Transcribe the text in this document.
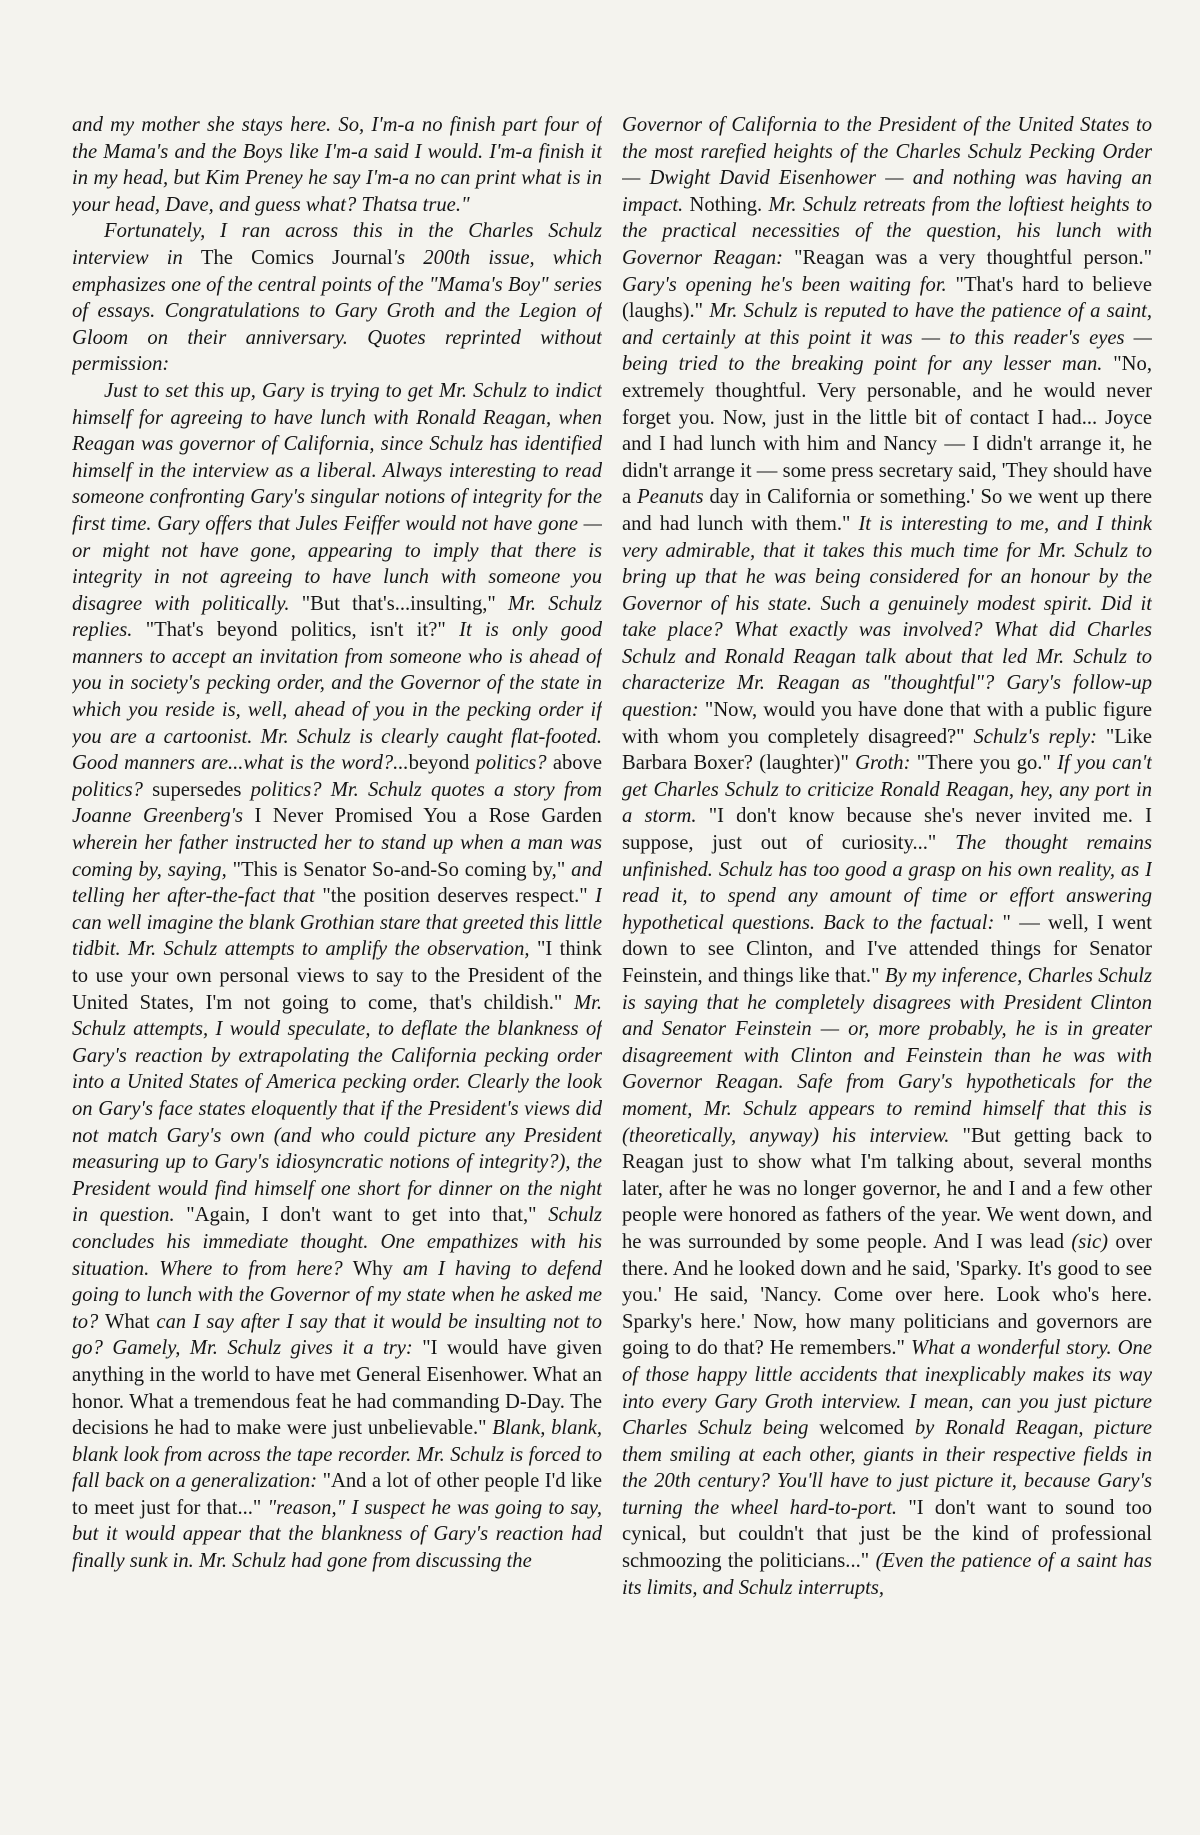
and my mother she stays here. So, I'm-a no finish part four of the Mama's and the Boys like I'm-a said I would. I'm-a finish it in my head, but Kim Preney he say I'm-a no can print what is in your head, Dave, and guess what? Thatsa true."

Fortunately, I ran across this in the Charles Schulz interview in The Comics Journal's 200th issue, which emphasizes one of the central points of the "Mama's Boy" series of essays. Congratulations to Gary Groth and the Legion of Gloom on their anniversary. Quotes reprinted without permission:

Just to set this up, Gary is trying to get Mr. Schulz to indict himself for agreeing to have lunch with Ronald Reagan, when Reagan was governor of California, since Schulz has identified himself in the interview as a liberal. Always interesting to read someone confronting Gary's singular notions of integrity for the first time. Gary offers that Jules Feiffer would not have gone — or might not have gone, appearing to imply that there is integrity in not agreeing to have lunch with someone you disagree with politically. "But that's...insulting," Mr. Schulz replies. "That's beyond politics, isn't it?" It is only good manners to accept an invitation from someone who is ahead of you in society's pecking order, and the Governor of the state in which you reside is, well, ahead of you in the pecking order if you are a cartoonist. Mr. Schulz is clearly caught flat-footed. Good manners are...what is the word?...beyond politics? above politics? supersedes politics? Mr. Schulz quotes a story from Joanne Greenberg's I Never Promised You a Rose Garden wherein her father instructed her to stand up when a man was coming by, saying, "This is Senator So-and-So coming by," and telling her after-the-fact that "the position deserves respect." I can well imagine the blank Grothian stare that greeted this little tidbit. Mr. Schulz attempts to amplify the observation, "I think to use your own personal views to say to the President of the United States, I'm not going to come, that's childish." Mr. Schulz attempts, I would speculate, to deflate the blankness of Gary's reaction by extrapolating the California pecking order into a United States of America pecking order. Clearly the look on Gary's face states eloquently that if the President's views did not match Gary's own (and who could picture any President measuring up to Gary's idiosyncratic notions of integrity?), the President would find himself one short for dinner on the night in question. "Again, I don't want to get into that," Schulz concludes his immediate thought. One empathizes with his situation. Where to from here? Why am I having to defend going to lunch with the Governor of my state when he asked me to? What can I say after I say that it would be insulting not to go? Gamely, Mr. Schulz gives it a try: "I would have given anything in the world to have met General Eisenhower. What an honor. What a tremendous feat he had commanding D-Day. The decisions he had to make were just unbelievable." Blank, blank, blank look from across the tape recorder. Mr. Schulz is forced to fall back on a generalization: "And a lot of other people I'd like to meet just for that..." "reason," I suspect he was going to say, but it would appear that the blankness of Gary's reaction had finally sunk in. Mr. Schulz had gone from discussing the

Governor of California to the President of the United States to the most rarefied heights of the Charles Schulz Pecking Order — Dwight David Eisenhower — and nothing was having an impact. Nothing. Mr. Schulz retreats from the loftiest heights to the practical necessities of the question, his lunch with Governor Reagan: "Reagan was a very thoughtful person." Gary's opening he's been waiting for. "That's hard to believe (laughs)." Mr. Schulz is reputed to have the patience of a saint, and certainly at this point it was — to this reader's eyes — being tried to the breaking point for any lesser man. "No, extremely thoughtful. Very personable, and he would never forget you. Now, just in the little bit of contact I had... Joyce and I had lunch with him and Nancy — I didn't arrange it, he didn't arrange it — some press secretary said, 'They should have a Peanuts day in California or something.' So we went up there and had lunch with them." It is interesting to me, and I think very admirable, that it takes this much time for Mr. Schulz to bring up that he was being considered for an honour by the Governor of his state. Such a genuinely modest spirit. Did it take place? What exactly was involved? What did Charles Schulz and Ronald Reagan talk about that led Mr. Schulz to characterize Mr. Reagan as "thoughtful"? Gary's follow-up question: "Now, would you have done that with a public figure with whom you completely disagreed?" Schulz's reply: "Like Barbara Boxer? (laughter)" Groth: "There you go." If you can't get Charles Schulz to criticize Ronald Reagan, hey, any port in a storm. "I don't know because she's never invited me. I suppose, just out of curiosity..." The thought remains unfinished. Schulz has too good a grasp on his own reality, as I read it, to spend any amount of time or effort answering hypothetical questions. Back to the factual: " — well, I went down to see Clinton, and I've attended things for Senator Feinstein, and things like that." By my inference, Charles Schulz is saying that he completely disagrees with President Clinton and Senator Feinstein — or, more probably, he is in greater disagreement with Clinton and Feinstein than he was with Governor Reagan. Safe from Gary's hypotheticals for the moment, Mr. Schulz appears to remind himself that this is (theoretically, anyway) his interview. "But getting back to Reagan just to show what I'm talking about, several months later, after he was no longer governor, he and I and a few other people were honored as fathers of the year. We went down, and he was surrounded by some people. And I was lead (sic) over there. And he looked down and he said, 'Sparky. It's good to see you.' He said, 'Nancy. Come over here. Look who's here. Sparky's here.' Now, how many politicians and governors are going to do that? He remembers." What a wonderful story. One of those happy little accidents that inexplicably makes its way into every Gary Groth interview. I mean, can you just picture Charles Schulz being welcomed by Ronald Reagan, picture them smiling at each other, giants in their respective fields in the 20th century? You'll have to just picture it, because Gary's turning the wheel hard-to-port. "I don't want to sound too cynical, but couldn't that just be the kind of professional schmoozing the politicians..." (Even the patience of a saint has its limits, and Schulz interrupts,
